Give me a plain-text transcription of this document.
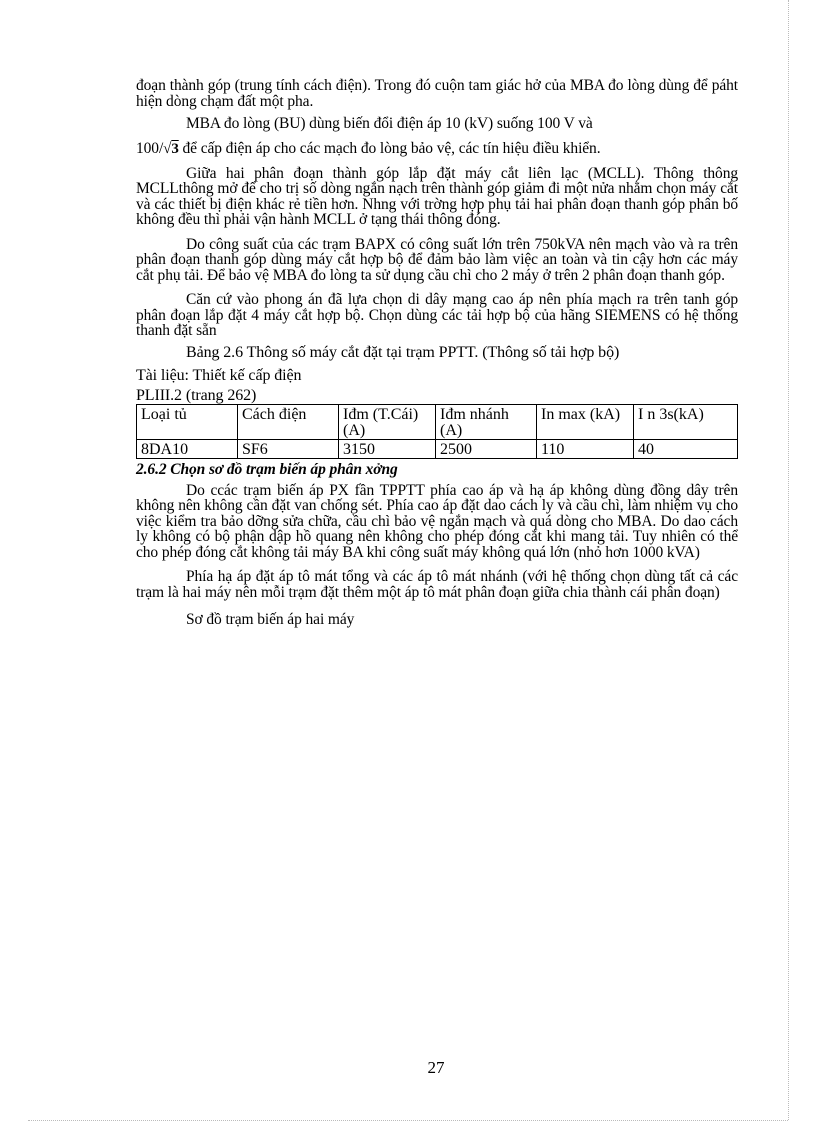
đoạn thành góp (trung tính cách điện). Trong đó cuộn tam giác hở của MBA đo lòng dùng để páht hiện dòng chạm đất một pha.

MBA đo lòng (BU) dùng biến đổi điện áp 10 (kV) suống 100 V và

100/√3 để cấp điện áp cho các mạch đo lòng bảo vệ, các tín hiệu điều khiển.

Giữa hai phân đoạn thành góp lắp đặt máy cắt liên lạc (MCLL). Thông thông MCLLthông mở để cho trị số dòng ngắn nạch trên thành góp giảm đi một nửa nhằm chọn máy cắt và các thiết bị điện khác rẻ tiền hơn. Nhng với trờng hợp phụ tải hai phân đoạn thanh góp phân bố không đều thì phải vận hành MCLL ở tạng thái thông đóng.

Do công suất của các trạm BAPX có công suất lớn trên 750kVA nên mạch vào và ra trên phân đoạn thanh góp dùng máy cắt hợp bộ để đảm bảo làm việc an toàn và tin cậy hơn các máy cắt phụ tải. Để bảo vệ MBA đo lòng ta sử dụng cầu chì cho 2 máy ở trên 2 phân đoạn thanh góp.

Căn cứ vào phong án đã lựa chọn di dây mạng cao áp nên phía mạch ra trên tanh góp phân đoạn lắp đặt 4 máy cắt hợp bộ. Chọn dùng các tải hợp bộ của hãng SIEMENS có hệ thống thanh đặt sẵn

Bảng 2.6 Thông số máy cắt đặt tại trạm PPTT. (Thông số tải hợp bộ)

Tài liệu: Thiết kế cấp điện

PLIII.2 (trang 262)

Loại tủ	Cách điện	Iđm (T.Cái) (A)	Iđm nhánh (A)	In max (kA)	I n 3s(kA)
8DA10	SF6	3150	2500	110	40

2.6.2 Chọn sơ đồ trạm biến áp phân xởng

Do ccác trạm biến áp PX fần TPPTT phía cao áp và hạ áp không dùng đồng dây trên không nên không cần đặt van chống sét. Phía cao áp đặt dao cách ly và cầu chì, làm nhiệm vụ cho việc kiểm tra bảo dỡng sửa chữa, cầu chì bảo vệ ngắn mạch và quá dòng cho MBA. Do dao cách ly không có bộ phận dập hồ quang nên không cho phép đóng cắt khi mang tải. Tuy nhiên có thể cho phép đóng cắt không tải máy BA khi công suất máy không quá lớn (nhỏ hơn 1000 kVA)

Phía hạ áp đặt áp tô mát tổng và các áp tô mát nhánh (với hệ thống chọn dùng tất cả các trạm là hai máy nên mỗi trạm đặt thêm một áp tô mát phân đoạn giữa chia thành cái phân đoạn)

Sơ đồ trạm biến áp hai máy

27
